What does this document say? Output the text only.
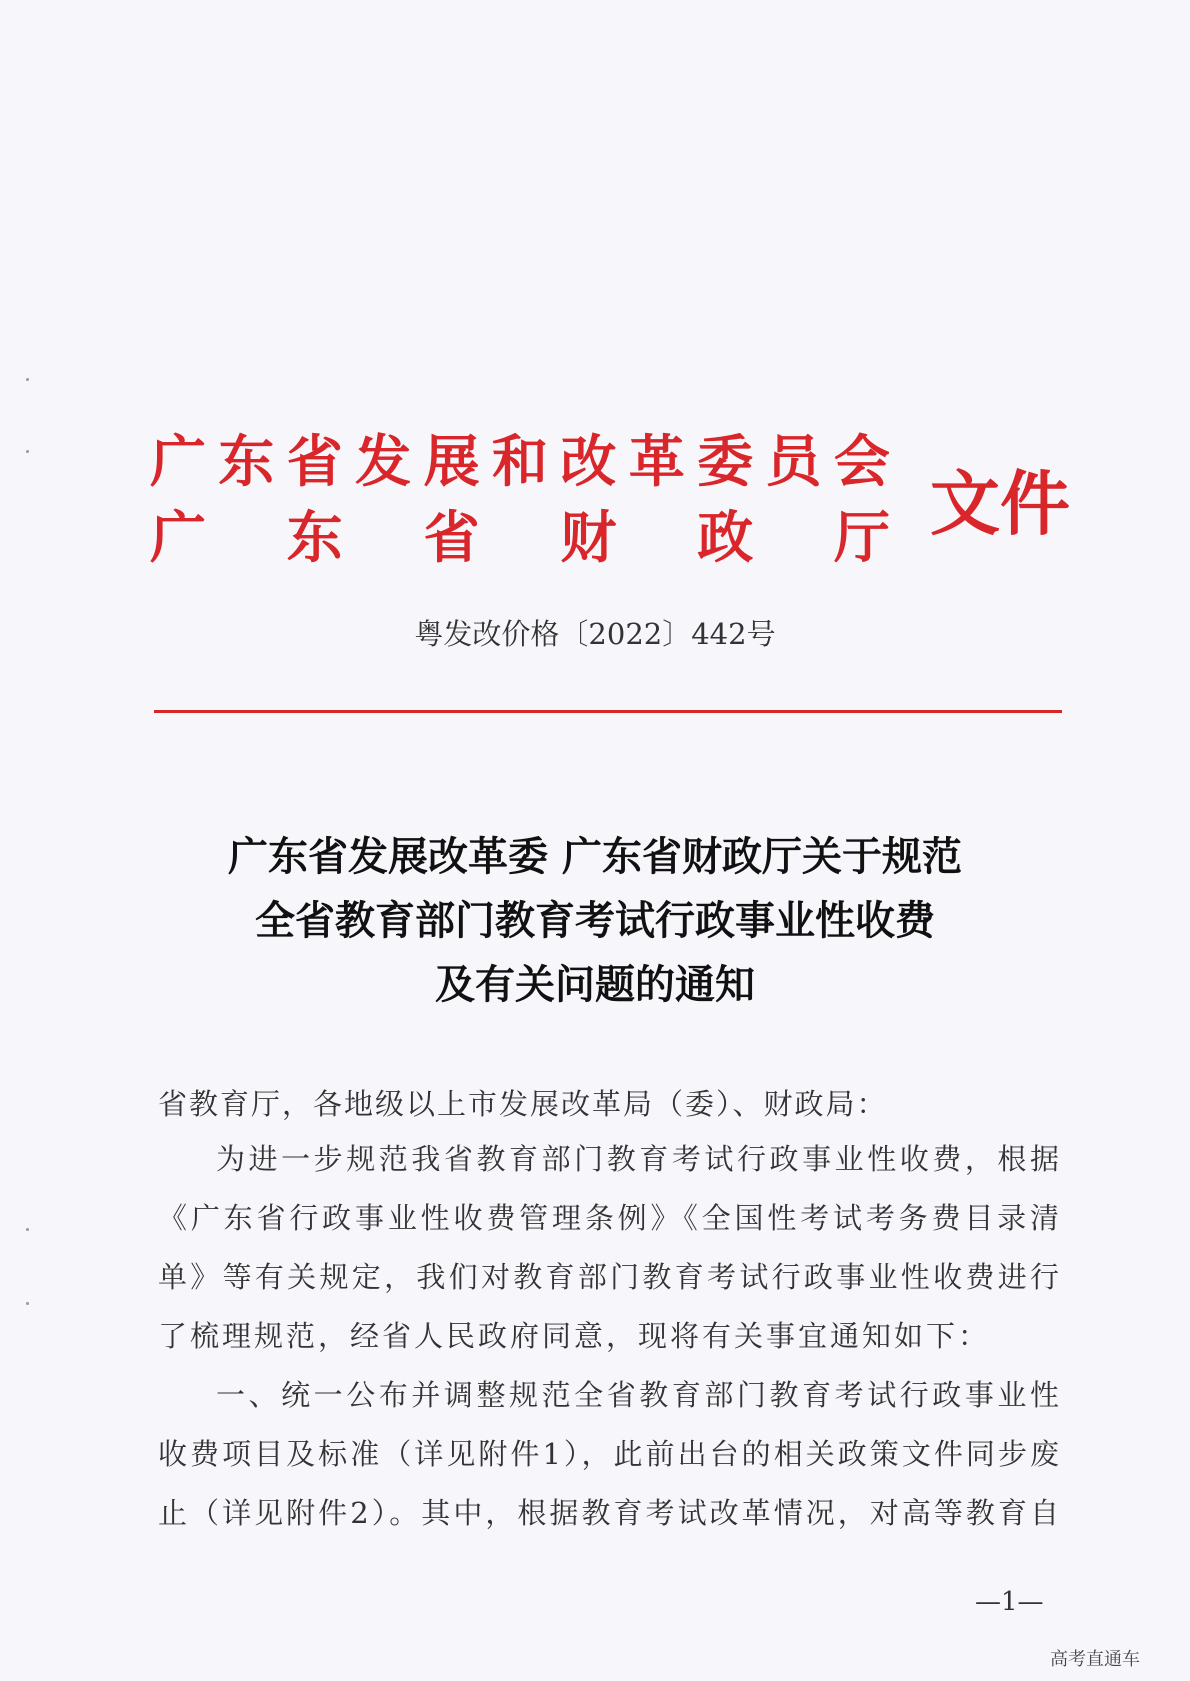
广 东 省 发 展 和 改 革 委 员 会
广 东 省 财 政 厅 文件
粤发改价格〔2022〕442号
广东省发展改革委 广东省财政厅关于规范
全省教育部门教育考试行政事业性收费
及有关问题的通知
省教育厅，各地级以上市发展改革局（委）、财政局：
为进一步规范我省教育部门教育考试行政事业性收费，根据
《广东省行政事业性收费管理条例》《全国性考试考务费目录清
单》等有关规定，我们对教育部门教育考试行政事业性收费进行
了梳理规范，经省人民政府同意，现将有关事宜通知如下：
一、统一公布并调整规范全省教育部门教育考试行政事业性
收费项目及标准（详见附件1），此前出台的相关政策文件同步废
止（详见附件2）。其中，根据教育考试改革情况，对高等教育自
—1—
高考直通车
